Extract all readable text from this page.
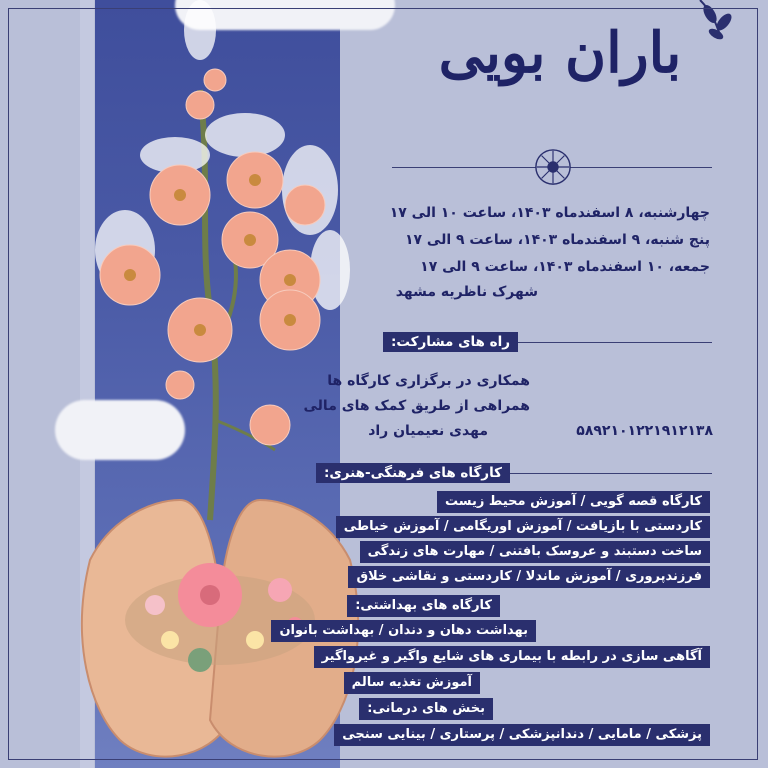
باران بویی
چهارشنبه، ۸ اسفندماه ۱۴۰۳، ساعت ۱۰ الی ۱۷
پنج شنبه، ۹ اسفندماه ۱۴۰۳، ساعت ۹ الی ۱۷
جمعه، ۱۰ اسفندماه ۱۴۰۳، ساعت ۹ الی ۱۷
شهرک ناظریه مشهد
راه های مشارکت:
همکاری در برگزاری کارگاه ها
همراهی از طریق کمک های مالی
مهدی نعیمیان راد	۵۸۹۲۱۰۱۲۲۱۹۱۲۱۳۸
کارگاه های فرهنگی-هنری:
کارگاه قصه گویی / آموزش محیط زیست
کاردستی با بازیافت / آموزش اوریگامی / آموزش خیاطی
ساخت دستبند و عروسک بافتنی / مهارت های زندگی
فرزندپروری / آموزش ماندلا / کاردستی و نقاشی خلاق
کارگاه های بهداشتی:
بهداشت دهان و دندان / بهداشت بانوان
آگاهی سازی در رابطه با بیماری های شایع واگیر و غیرواگیر
آموزش تغذیه سالم
بخش های درمانی:
پزشکی / مامایی / دندانپزشکی / پرستاری / بینایی سنجی
